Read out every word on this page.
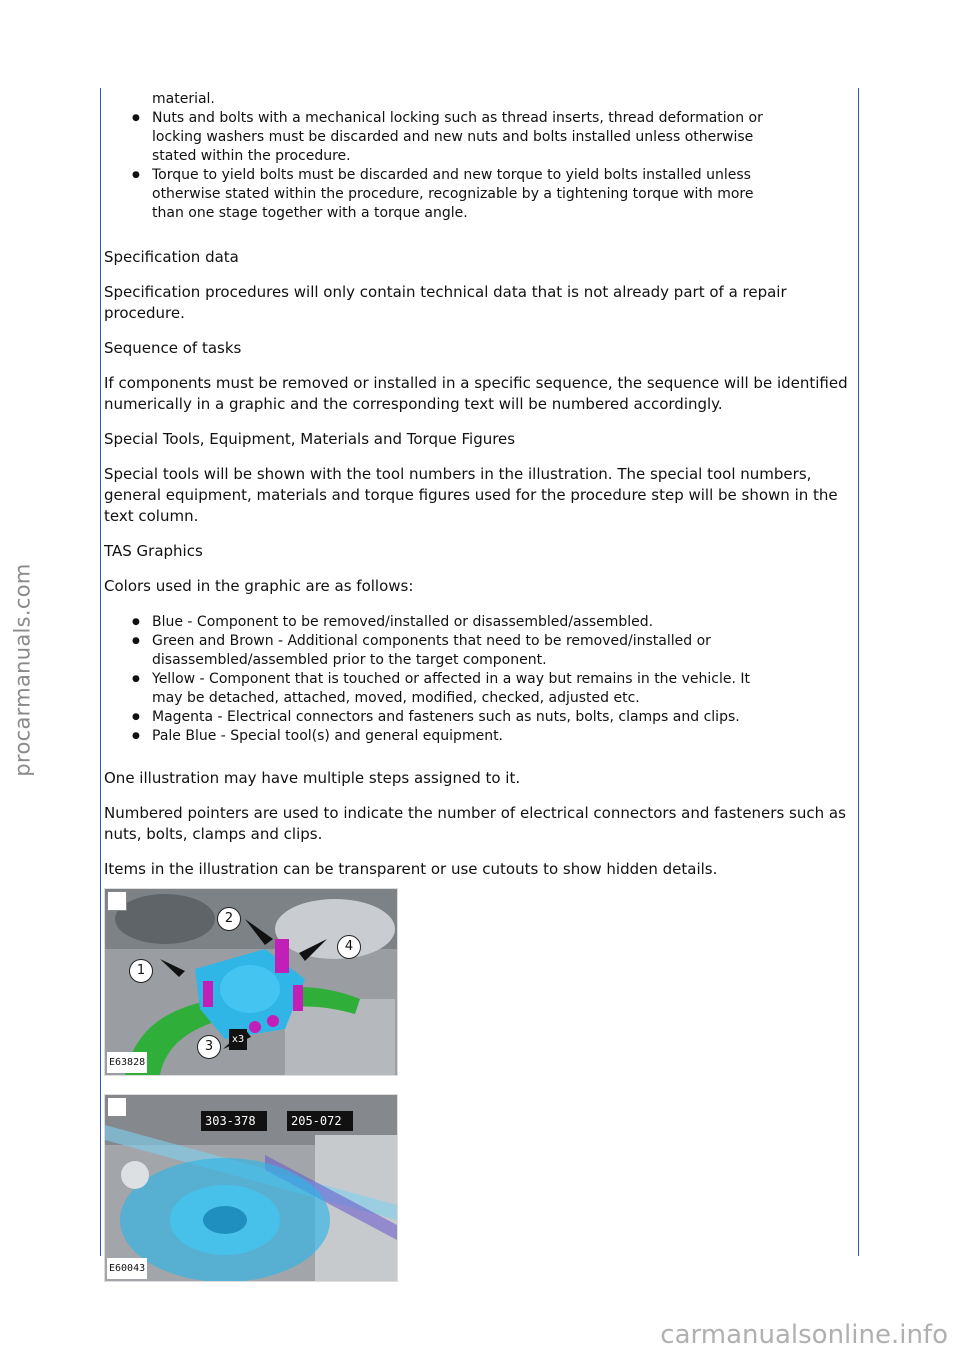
procarmanuals.com
material.
● Nuts and bolts with a mechanical locking such as thread inserts, thread deformation or
locking washers must be discarded and new nuts and bolts installed unless otherwise
stated within the procedure.
● Torque to yield bolts must be discarded and new torque to yield bolts installed unless
otherwise stated within the procedure, recognizable by a tightening torque with more
than one stage together with a torque angle.

Specification data

Specification procedures will only contain technical data that is not already part of a repair procedure.

Sequence of tasks

If components must be removed or installed in a specific sequence, the sequence will be identified numerically in a graphic and the corresponding text will be numbered accordingly.

Special Tools, Equipment, Materials and Torque Figures

Special tools will be shown with the tool numbers in the illustration. The special tool numbers, general equipment, materials and torque figures used for the procedure step will be shown in the text column.

TAS Graphics

Colors used in the graphic are as follows:

● Blue - Component to be removed/installed or disassembled/assembled.
● Green and Brown - Additional components that need to be removed/installed or
disassembled/assembled prior to the target component.
● Yellow - Component that is touched or affected in a way but remains in the vehicle. It
may be detached, attached, moved, modified, checked, adjusted etc.
● Magenta - Electrical connectors and fasteners such as nuts, bolts, clamps and clips.
● Pale Blue - Special tool(s) and general equipment.

One illustration may have multiple steps assigned to it.

Numbered pointers are used to indicate the number of electrical connectors and fasteners such as nuts, bolts, clamps and clips.

Items in the illustration can be transparent or use cutouts to show hidden details.

1
2
3
4
x3
E63828
303-378	205-072
E60043
carmanualsonline.info
